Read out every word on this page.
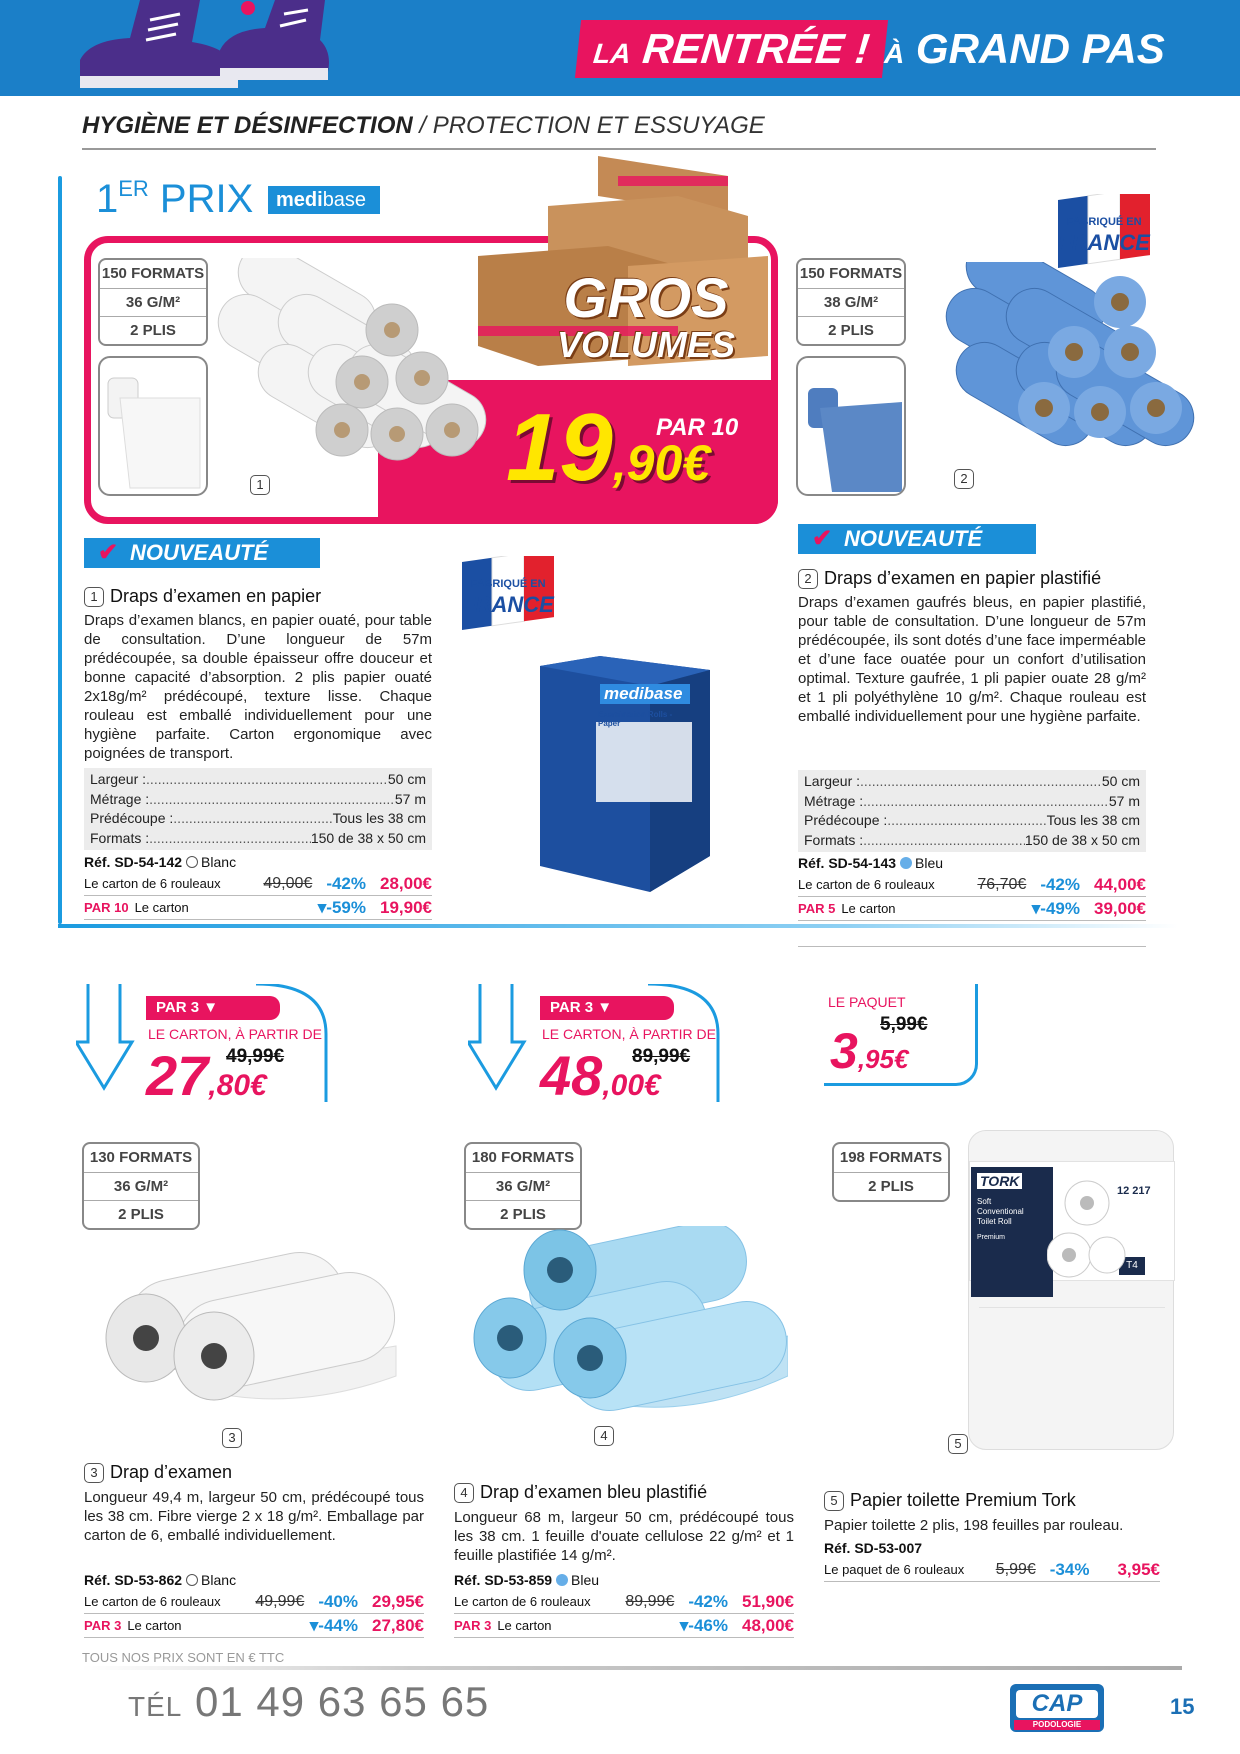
LA RENTRÉE ! À GRAND PAS
HYGIÈNE ET DÉSINFECTION / PROTECTION ET ESSUYAGE
1ER PRIX	medibase
GROS
VOLUMES
PAR 10
19,90€
150 FORMATS
36 G/M²
2 PLIS
1
FABRIQUÉ EN
FRANCE
150 FORMATS
38 G/M²
2 PLIS
2
FABRIQUÉ EN
FRANCE
medibase
Examination Rolls - Paper
✔ NOUVEAUTÉ
✔ NOUVEAUTÉ
1 Draps d’examen en papier
Draps d’examen blancs, en papier ouaté, pour table de consultation. D’une longueur de 57m prédécoupée, sa double épaisseur offre douceur et bonne capacité d’absorption. 2 plis papier ouaté 2x18g/m² prédécoupé, texture lisse. Chaque rouleau est emballé individuellement pour une hygiène parfaite. Carton ergonomique avec poignées de transport.
Largeur : .....	50 cm
Métrage : .....	57 m
Prédécoupe : .....	Tous les 38 cm
Formats : .....	150 de 38 x 50 cm
Réf. SD-54-142 Blanc
Le carton de 6 rouleaux	49,00€ -42% 28,00€
PAR 10 Le carton	▾-59% 19,90€
2 Draps d’examen en papier plastifié
Draps d’examen gaufrés bleus, en papier plastifié, pour table de consultation. D’une longueur de 57m prédécoupée, ils sont dotés d’une face imperméable et d’une face ouatée pour un confort d’utilisation optimal. Texture gaufrée, 1 pli papier ouate 28 g/m² et 1 pli polyéthylène 10 g/m². Chaque rouleau est emballé individuellement pour une hygiène parfaite.
Largeur : .....	50 cm
Métrage : .....	57 m
Prédécoupe : .....	Tous les 38 cm
Formats : .....	150 de 38 x 50 cm
Réf. SD-54-143 Bleu
Le carton de 6 rouleaux	76,70€ -42% 44,00€
PAR 5 Le carton	▾-49% 39,00€
PAR 3 ▼
LE CARTON, À PARTIR DE
49,99€
27,80€
PAR 3 ▼
LE CARTON, À PARTIR DE
89,99€
48,00€
LE PAQUET
5,99€
3,95€
130 FORMATS
36 G/M²
2 PLIS
180 FORMATS
36 G/M²
2 PLIS
198 FORMATS
2 PLIS
3	4
TORK
Soft
Conventional
Toilet Roll
Premium
12 217
T4
5
3 Drap d’examen
Longueur 49,4 m, largeur 50 cm, prédécoupé tous les 38 cm. Fibre vierge 2 x 18 g/m². Emballage par carton de 6, emballé individuellement.
Réf. SD-53-862 Blanc
Le carton de 6 rouleaux 49,99€ -40% 29,95€
PAR 3 Le carton	▾-44% 27,80€
4 Drap d’examen bleu plastifié
Longueur 68 m, largeur 50 cm, prédécoupé tous les 38 cm. 1 feuille d'ouate cellulose 22 g/m² et 1 feuille plastifiée 14 g/m².
Réf. SD-53-859 Bleu
Le carton de 6 rouleaux 89,99€ -42% 51,90€
PAR 3 Le carton	▾-46% 48,00€
5 Papier toilette Premium Tork
Papier toilette 2 plis, 198 feuilles par rouleau.
Réf. SD-53-007
Le paquet de 6 rouleaux 5,99€ -34% 3,95€
TOUS NOS PRIX SONT EN € TTC
TÉL 01 49 63 65 65	CAP
PODOLOGIE
15
